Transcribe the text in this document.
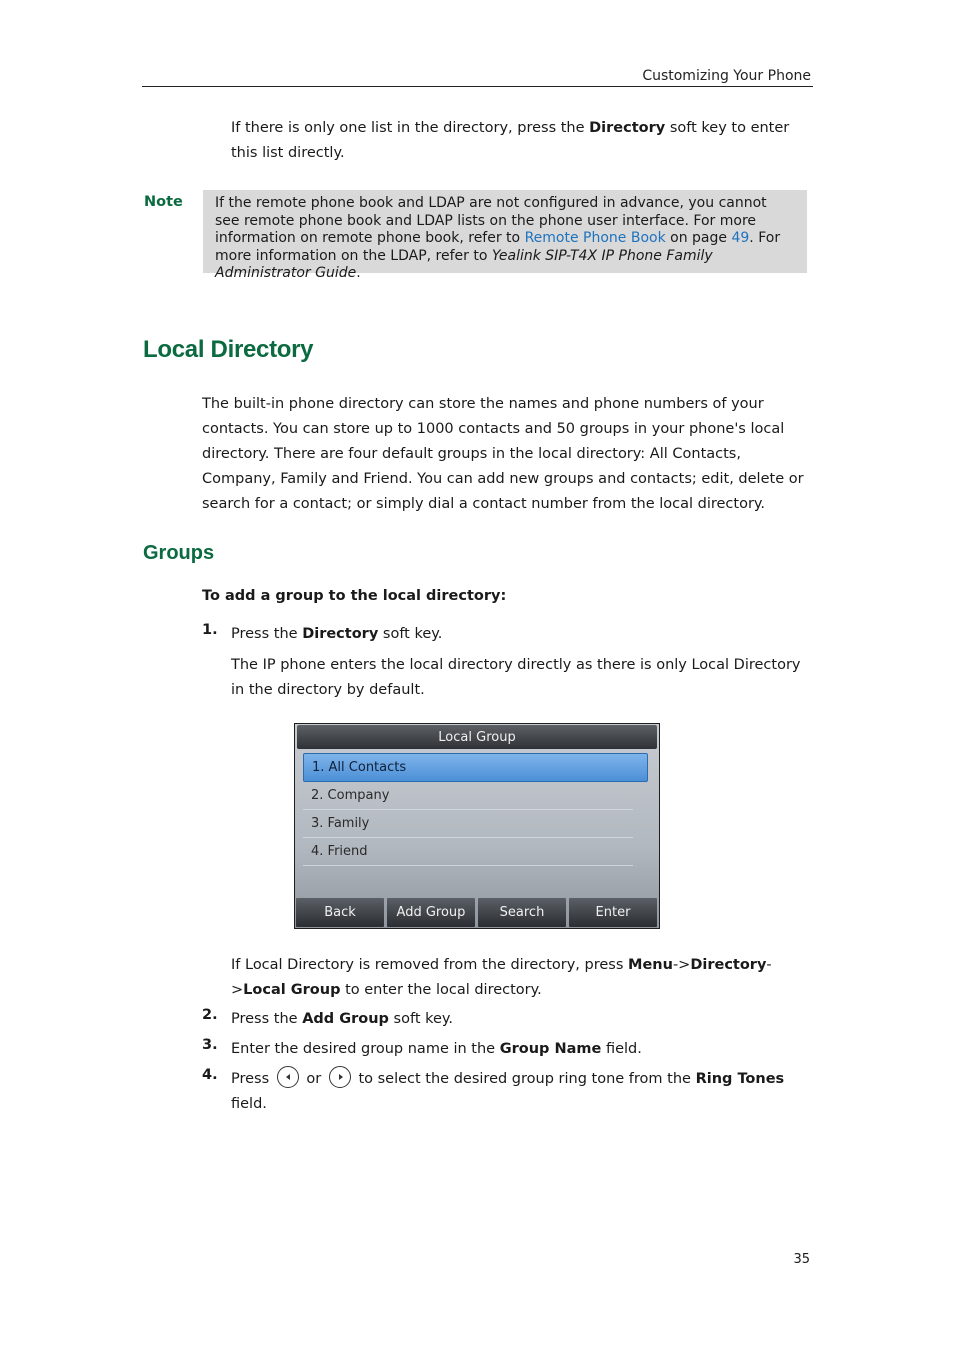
Customizing Your Phone
If there is only one list in the directory, press the Directory soft key to enter this list directly.
Note	If the remote phone book and LDAP are not configured in advance, you cannot see remote phone book and LDAP lists on the phone user interface. For more information on remote phone book, refer to Remote Phone Book on page 49. For more information on the LDAP, refer to Yealink SIP-T4X IP Phone Family Administrator Guide.
Local Directory
The built-in phone directory can store the names and phone numbers of your contacts. You can store up to 1000 contacts and 50 groups in your phone's local directory. There are four default groups in the local directory: All Contacts, Company, Family and Friend. You can add new groups and contacts; edit, delete or search for a contact; or simply dial a contact number from the local directory.
Groups
To add a group to the local directory:
1. Press the Directory soft key.
The IP phone enters the local directory directly as there is only Local Directory in the directory by default.
Local Group
1. All Contacts
2. Company
3. Family
4. Friend
Back	Add Group	Search	Enter
If Local Directory is removed from the directory, press Menu->Directory->Local Group to enter the local directory.
2. Press the Add Group soft key.
3. Enter the desired group name in the Group Name field.
4. Press  or  to select the desired group ring tone from the Ring Tones field.
35
